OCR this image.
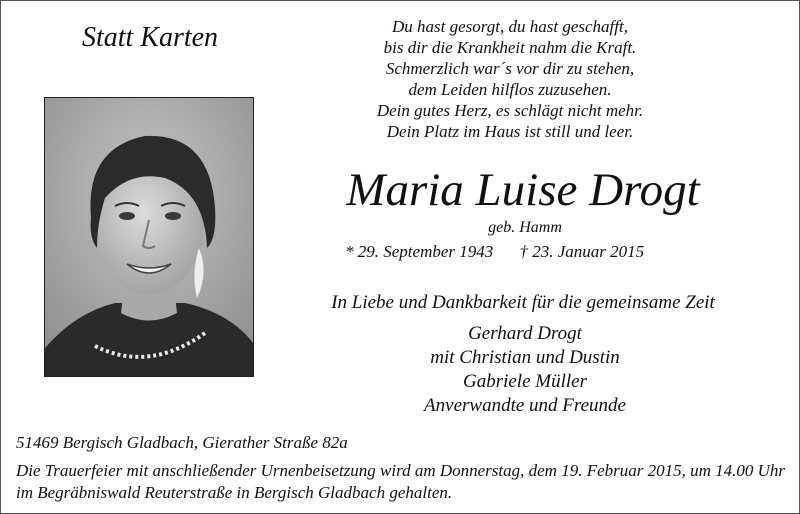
Statt Karten	Du hast gesorgt, du hast geschafft,
bis dir die Krankheit nahm die Kraft.
Schmerzlich war´s vor dir zu stehen,
dem Leiden hilflos zuzusehen.
Dein gutes Herz, es schlägt nicht mehr.
Dein Platz im Haus ist still und leer.
Maria Luise Drogt
geb. Hamm
* 29. September 1943 † 23. Januar 2015
In Liebe und Dankbarkeit für die gemeinsame Zeit
Gerhard Drogt
mit Christian und Dustin
Gabriele Müller
Anverwandte und Freunde
51469 Bergisch Gladbach, Gierather Straße 82a
Die Trauerfeier mit anschließender Urnenbeisetzung wird am Donnerstag, dem 19. Februar 2015, um 14.00 Uhr im Begräbniswald Reuterstraße in Bergisch Gladbach gehalten.
